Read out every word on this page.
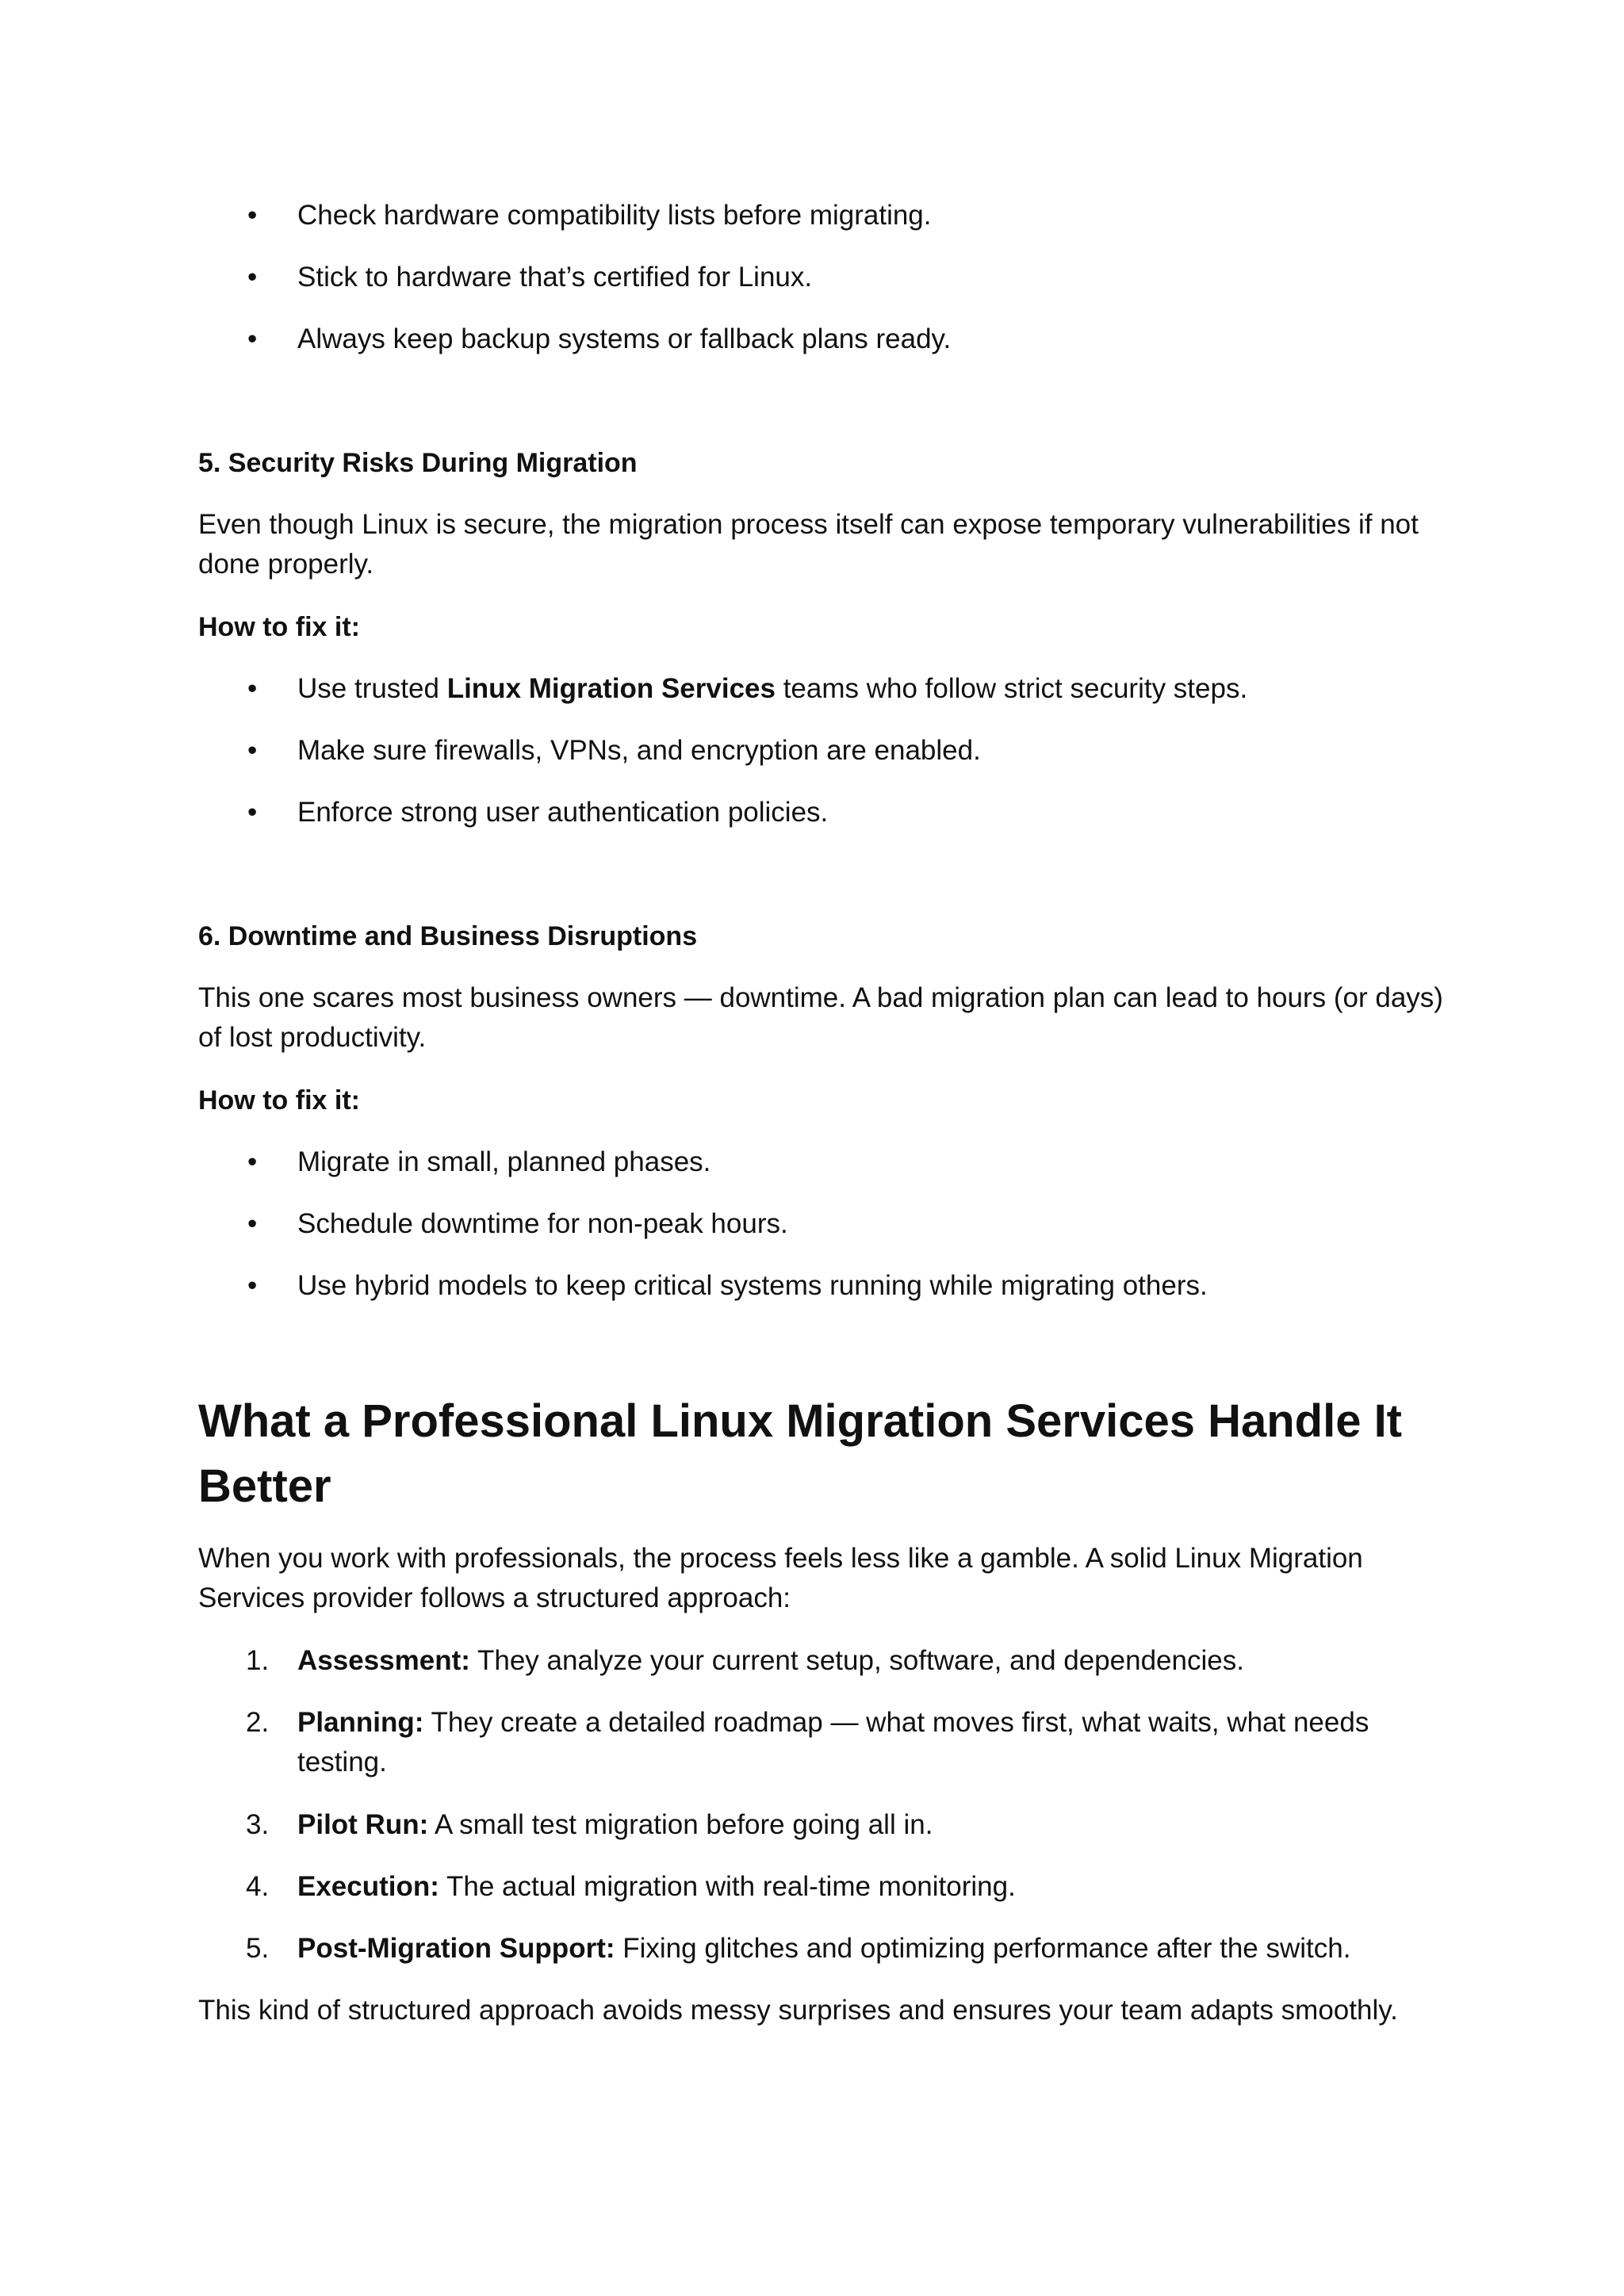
•	Check hardware compatibility lists before migrating.
•	Stick to hardware that’s certified for Linux.
•	Always keep backup systems or fallback plans ready.
5. Security Risks During Migration
Even though Linux is secure, the migration process itself can expose temporary vulnerabilities if not done properly.
How to fix it:
•	Use trusted Linux Migration Services teams who follow strict security steps.
•	Make sure firewalls, VPNs, and encryption are enabled.
•	Enforce strong user authentication policies.
6. Downtime and Business Disruptions
This one scares most business owners — downtime. A bad migration plan can lead to hours (or days) of lost productivity.
How to fix it:
•	Migrate in small, planned phases.
•	Schedule downtime for non-peak hours.
•	Use hybrid models to keep critical systems running while migrating others.
What a Professional Linux Migration Services Handle It Better
When you work with professionals, the process feels less like a gamble. A solid Linux Migration Services provider follows a structured approach:
1.	Assessment: They analyze your current setup, software, and dependencies.
2.	Planning: They create a detailed roadmap — what moves first, what waits, what needs testing.
3.	Pilot Run: A small test migration before going all in.
4.	Execution: The actual migration with real-time monitoring.
5.	Post-Migration Support: Fixing glitches and optimizing performance after the switch.
This kind of structured approach avoids messy surprises and ensures your team adapts smoothly.
